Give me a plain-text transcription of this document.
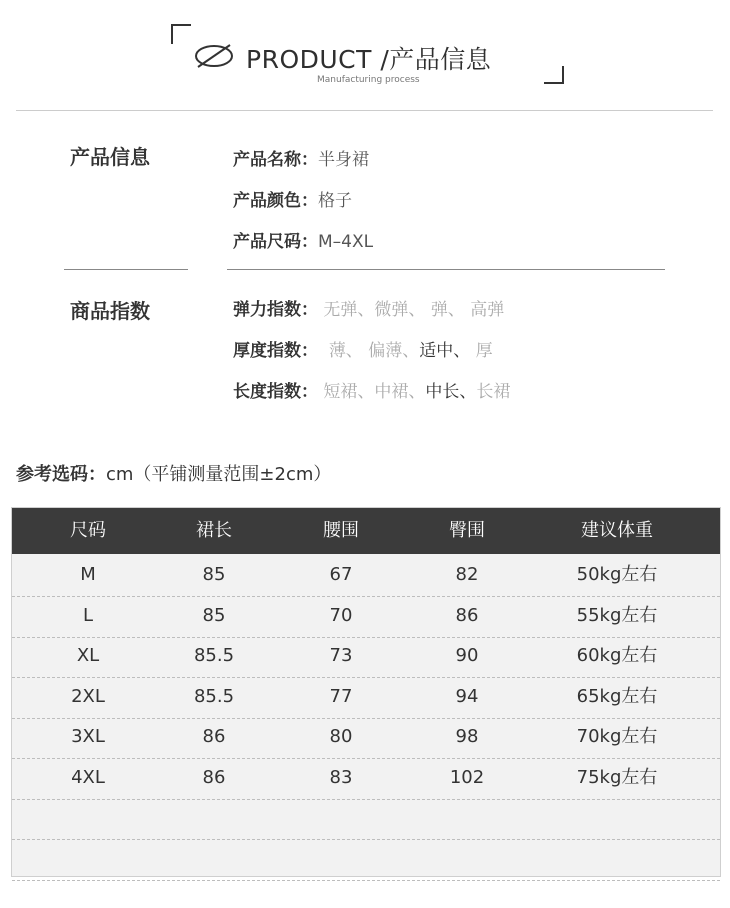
PRODUCT /产品信息
Manufacturing process
产品信息	产品名称：半身裙
产品颜色：格子
产品尺码：M–4XL
商品指数	弹力指数： 无弹、微弹、 弹、 高弹
厚度指数： 薄、 偏薄、适中、 厚
长度指数： 短裙、中裙、中长、长裙
参考选码：cm（平铺测量范围±2cm）
尺码	裙长	腰围	臀围	建议体重
M	85	67	82	50kg左右
L	85	70	86	55kg左右
XL	85.5	73	90	60kg左右
2XL	85.5	77	94	65kg左右
3XL	86	80	98	70kg左右
4XL	86	83	102	75kg左右
